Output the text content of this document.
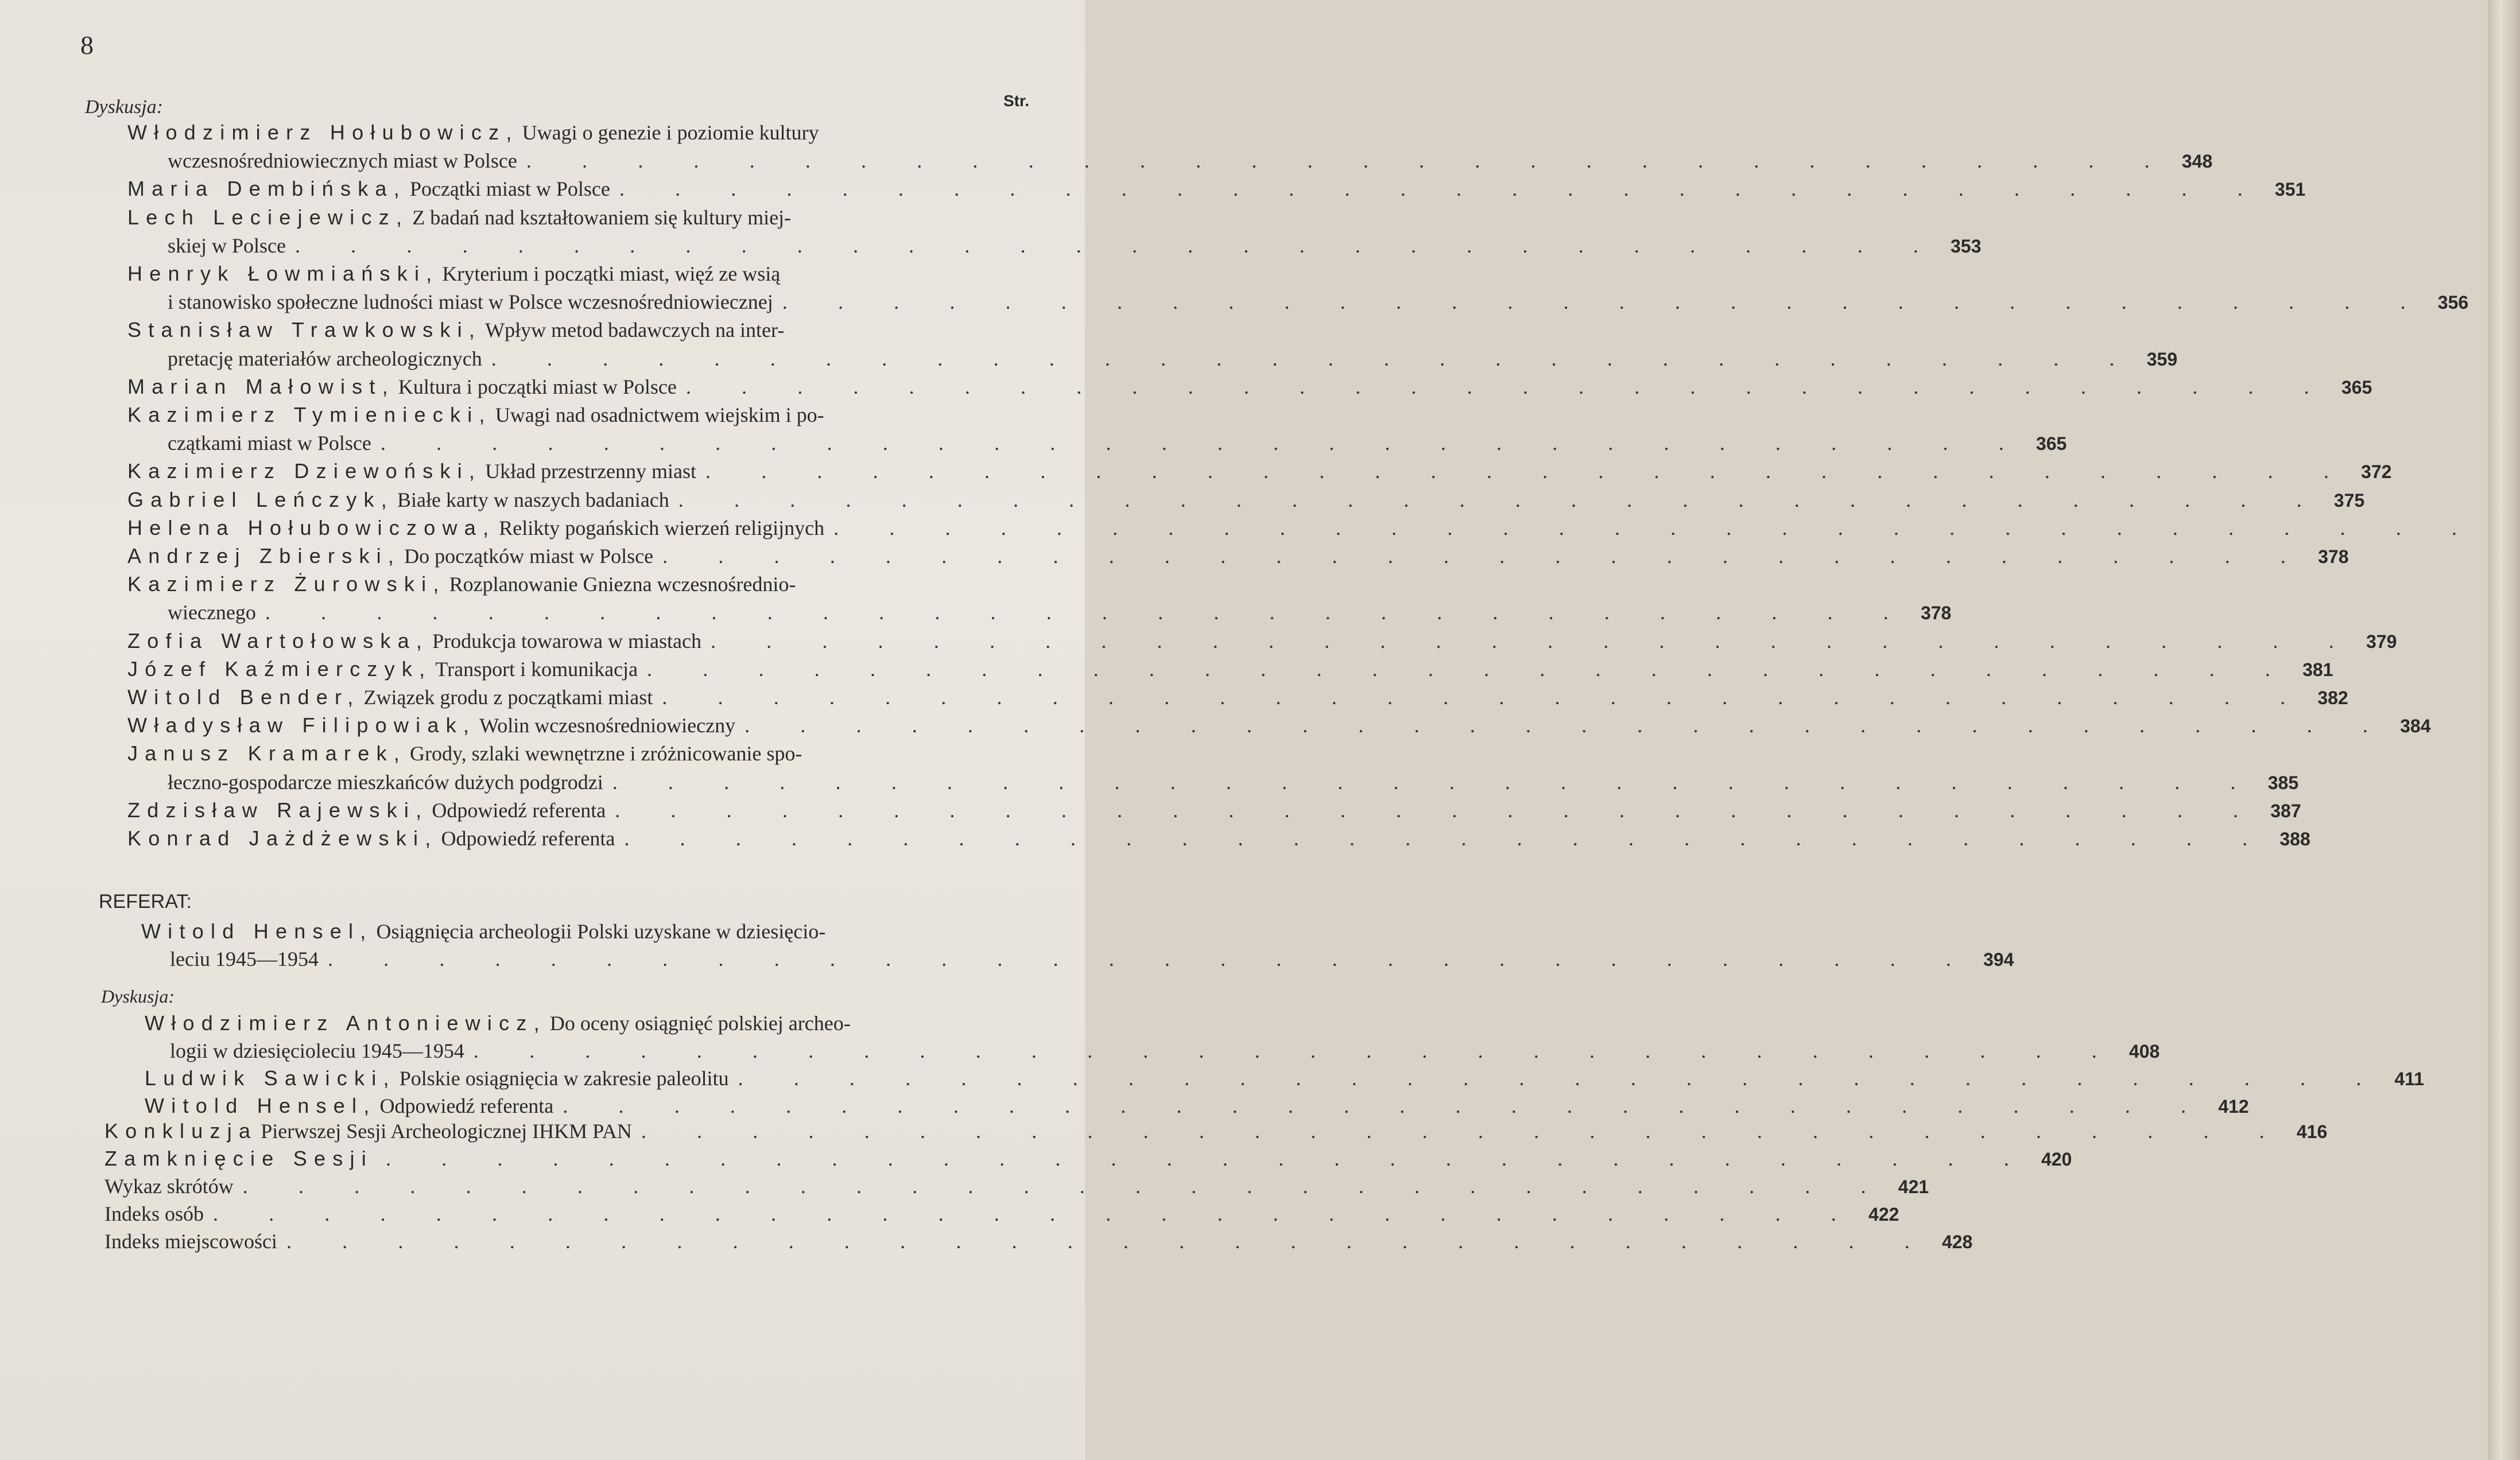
8
Dyskusja:	Str.
Włodzimierz Hołubowicz, Uwagi o genezie i poziomie kultury
wczesnośredniowiecznych miast w Polsce . . . . . . . . . . . . . . . . . . . . . . . . . . . . . . 348
Maria Dembińska, Początki miast w Polsce . . . . . . . . . . . . . . . . . . . . . . . . . . . . . . 351
Lech Leciejewicz, Z badań nad kształtowaniem się kultury miej-
skiej w Polsce . . . . . . . . . . . . . . . . . . . . . . . . . . . . . . 353
Henryk Łowmiański, Kryterium i początki miast, więź ze wsią
i stanowisko społeczne ludności miast w Polsce wczesnośredniowiecznej . . . . . . . . . . . . . . . . . . . . . . . . . . . . . . 356
Stanisław Trawkowski, Wpływ metod badawczych na inter-
pretację materiałów archeologicznych . . . . . . . . . . . . . . . . . . . . . . . . . . . . . . 359
Marian Małowist, Kultura i początki miast w Polsce . . . . . . . . . . . . . . . . . . . . . . . . . . . . . . 365
Kazimierz Tymieniecki, Uwagi nad osadnictwem wiejskim i po-
czątkami miast w Polsce . . . . . . . . . . . . . . . . . . . . . . . . . . . . . . 365
Kazimierz Dziewoński, Układ przestrzenny miast . . . . . . . . . . . . . . . . . . . . . . . . . . . . . . 372
Gabriel Leńczyk, Białe karty w naszych badaniach . . . . . . . . . . . . . . . . . . . . . . . . . . . . . . 375
Helena Hołubowiczowa, Relikty pogańskich wierzeń religijnych . . . . . . . . . . . . . . . . . . . . . . . . . . . . . .
Andrzej Zbierski, Do początków miast w Polsce . . . . . . . . . . . . . . . . . . . . . . . . . . . . . . 378
Kazimierz Żurowski, Rozplanowanie Gniezna wczesnośrednio-
wiecznego . . . . . . . . . . . . . . . . . . . . . . . . . . . . . . 378
Zofia Wartołowska, Produkcja towarowa w miastach . . . . . . . . . . . . . . . . . . . . . . . . . . . . . . 379
Józef Kaźmierczyk, Transport i komunikacja . . . . . . . . . . . . . . . . . . . . . . . . . . . . . . 381
Witold Bender, Związek grodu z początkami miast . . . . . . . . . . . . . . . . . . . . . . . . . . . . . . 382
Władysław Filipowiak, Wolin wczesnośredniowieczny . . . . . . . . . . . . . . . . . . . . . . . . . . . . . . 384
Janusz Kramarek, Grody, szlaki wewnętrzne i zróżnicowanie spo-
łeczno-gospodarcze mieszkańców dużych podgrodzi . . . . . . . . . . . . . . . . . . . . . . . . . . . . . . 385
Zdzisław Rajewski, Odpowiedź referenta . . . . . . . . . . . . . . . . . . . . . . . . . . . . . . 387
Konrad Jażdżewski, Odpowiedź referenta . . . . . . . . . . . . . . . . . . . . . . . . . . . . . . 388
REFERAT:
Witold Hensel, Osiągnięcia archeologii Polski uzyskane w dziesięcio-
leciu 1945—1954 . . . . . . . . . . . . . . . . . . . . . . . . . . . . . . 394
Dyskusja:
Włodzimierz Antoniewicz, Do oceny osiągnięć polskiej archeo-
logii w dziesięcioleciu 1945—1954 . . . . . . . . . . . . . . . . . . . . . . . . . . . . . . 408
Ludwik Sawicki, Polskie osiągnięcia w zakresie paleolitu . . . . . . . . . . . . . . . . . . . . . . . . . . . . . . 411
Witold Hensel, Odpowiedź referenta . . . . . . . . . . . . . . . . . . . . . . . . . . . . . . 412
Konkluzja Pierwszej Sesji Archeologicznej IHKM PAN . . . . . . . . . . . . . . . . . . . . . . . . . . . . . . 416
Zamknięcie Sesji . . . . . . . . . . . . . . . . . . . . . . . . . . . . . . 420
Wykaz skrótów . . . . . . . . . . . . . . . . . . . . . . . . . . . . . . 421
Indeks osób . . . . . . . . . . . . . . . . . . . . . . . . . . . . . . 422
Indeks miejscowości . . . . . . . . . . . . . . . . . . . . . . . . . . . . . . 428
